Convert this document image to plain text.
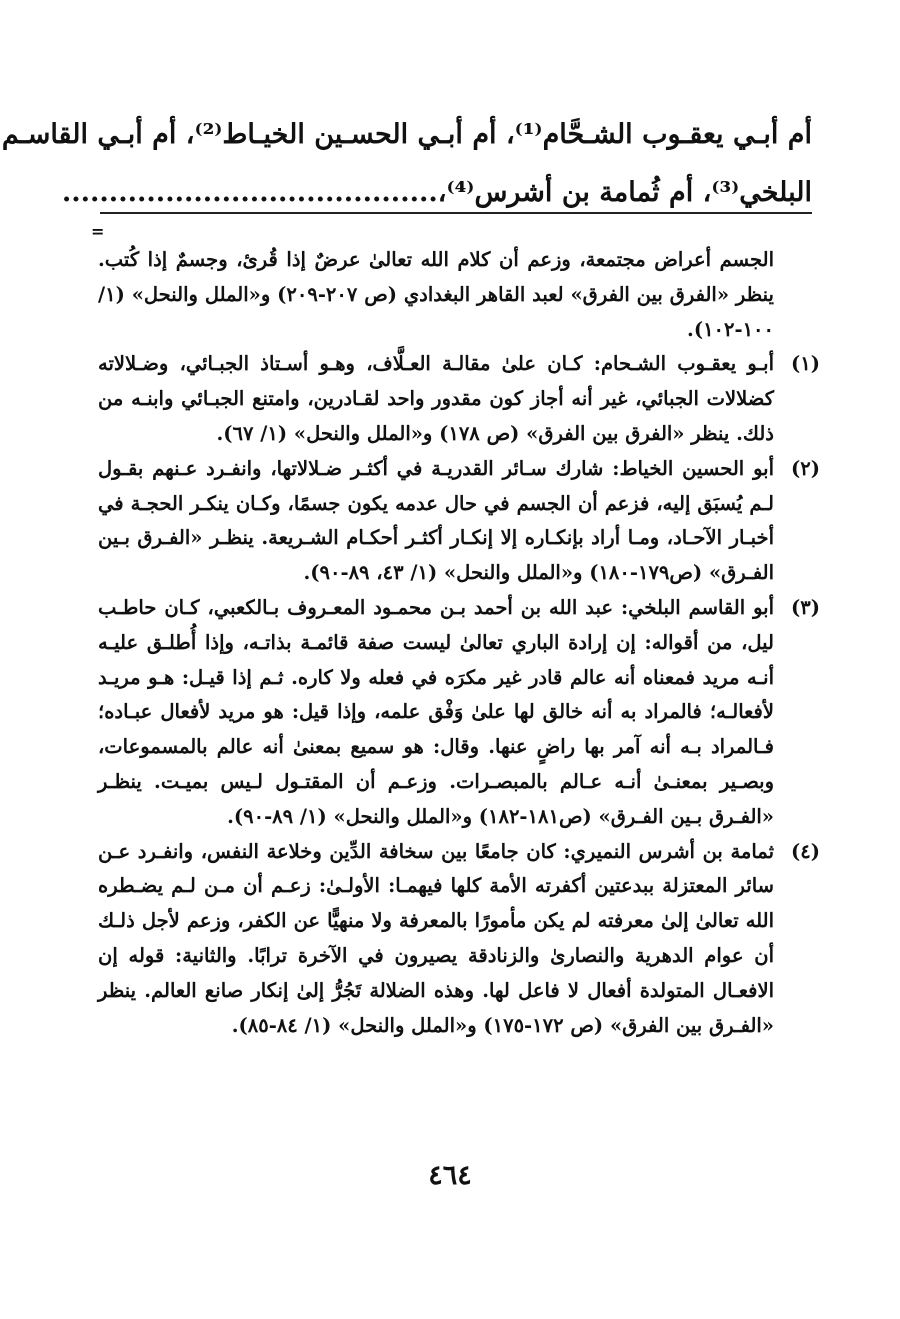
أم أبـي يعقـوب الشـحَّام⁽¹⁾، أم أبـي الحسـين الخيـاط⁽²⁾، أم أبـي القاسـم
البلخي⁽³⁾، أم ثُمامة بن أشرس⁽⁴⁾،........................................
=

الجسم أعراض مجتمعة، وزعم أن كلام الله تعالىٰ عرضٌ إذا قُرئ، وجسمٌ إذا كُتب. ينظر «الفرق بين الفرق» لعبد القاهر البغدادي (ص ٢٠٧-٢٠٩) و«الملل والنحل» (١/ ١٠٠-١٠٢).

(١)
أبـو يعقـوب الشـحام: كـان علىٰ مقالـة العـلَّاف، وهـو أسـتاذ الجبـائي، وضـلالاته كضلالات الجبائي، غير أنه أجاز كون مقدور واحد لقـادرين، وامتنع الجبـائي وابنـه من ذلك. ينظر «الفرق بين الفرق» (ص ١٧٨) و«الملل والنحل» (١/ ٦٧).
(٢)
أبو الحسين الخياط: شارك سـائر القدريـة في أكثـر ضـلالاتها، وانفـرد عـنهم بقـول لـم يُسبَق إليه، فزعم أن الجسم في حال عدمه يكون جسمًا، وكـان ينكـر الحجـة في أخبـار الآحـاد، ومـا أراد بإنكـاره إلا إنكـار أكثـر أحكـام الشـريعة. ينظـر «الفـرق بـين الفـرق» (ص١٧٩-١٨٠) و«الملل والنحل» (١/ ٤٣، ٨٩-٩٠).
(٣)
أبو القاسم البلخي: عبد الله بن أحمد بـن محمـود المعـروف بـالكعبي، كـان حاطـب ليل، من أقواله: إن إرادة الباري تعالىٰ ليست صفة قائمـة بذاتـه، وإذا أُطلـق عليـه أنـه مريد فمعناه أنه عالم قادر غير مكرَه في فعله ولا كاره. ثـم إذا قيـل: هـو مريـد لأفعالـه؛ فالمراد به أنه خالق لها علىٰ وَفْق علمه، وإذا قيل: هو مريد لأفعال عبـاده؛ فـالمراد بـه أنه آمر بها راضٍ عنها. وقال: هو سميع بمعنىٰ أنه عالم بالمسموعات، وبصـير بمعنـىٰ أنـه عـالم بالمبصـرات. وزعـم أن المقتـول لـيس بميـت. ينظـر «الفـرق بـين الفـرق» (ص١٨١-١٨٢) و«الملل والنحل» (١/ ٨٩-٩٠).
(٤)
ثمامة بن أشرس النميري: كان جامعًا بين سخافة الدِّين وخلاعة النفس، وانفـرد عـن سائر المعتزلة ببدعتين أكفرته الأمة كلها فيهمـا: الأولـىٰ: زعـم أن مـن لـم يضـطره الله تعالىٰ إلىٰ معرفته لم يكن مأمورًا بالمعرفة ولا منهيًّا عن الكفر، وزعم لأجل ذلـك أن عوام الدهرية والنصارىٰ والزنادقة يصيرون في الآخرة ترابًا. والثانية: قوله إن الافعـال المتولدة أفعال لا فاعل لها. وهذه الضلالة تَجُرُّ إلىٰ إنكار صانع العالم. ينظر «الفـرق بين الفرق» (ص ١٧٢-١٧٥) و«الملل والنحل» (١/ ٨٤-٨٥).
٤٦٤
